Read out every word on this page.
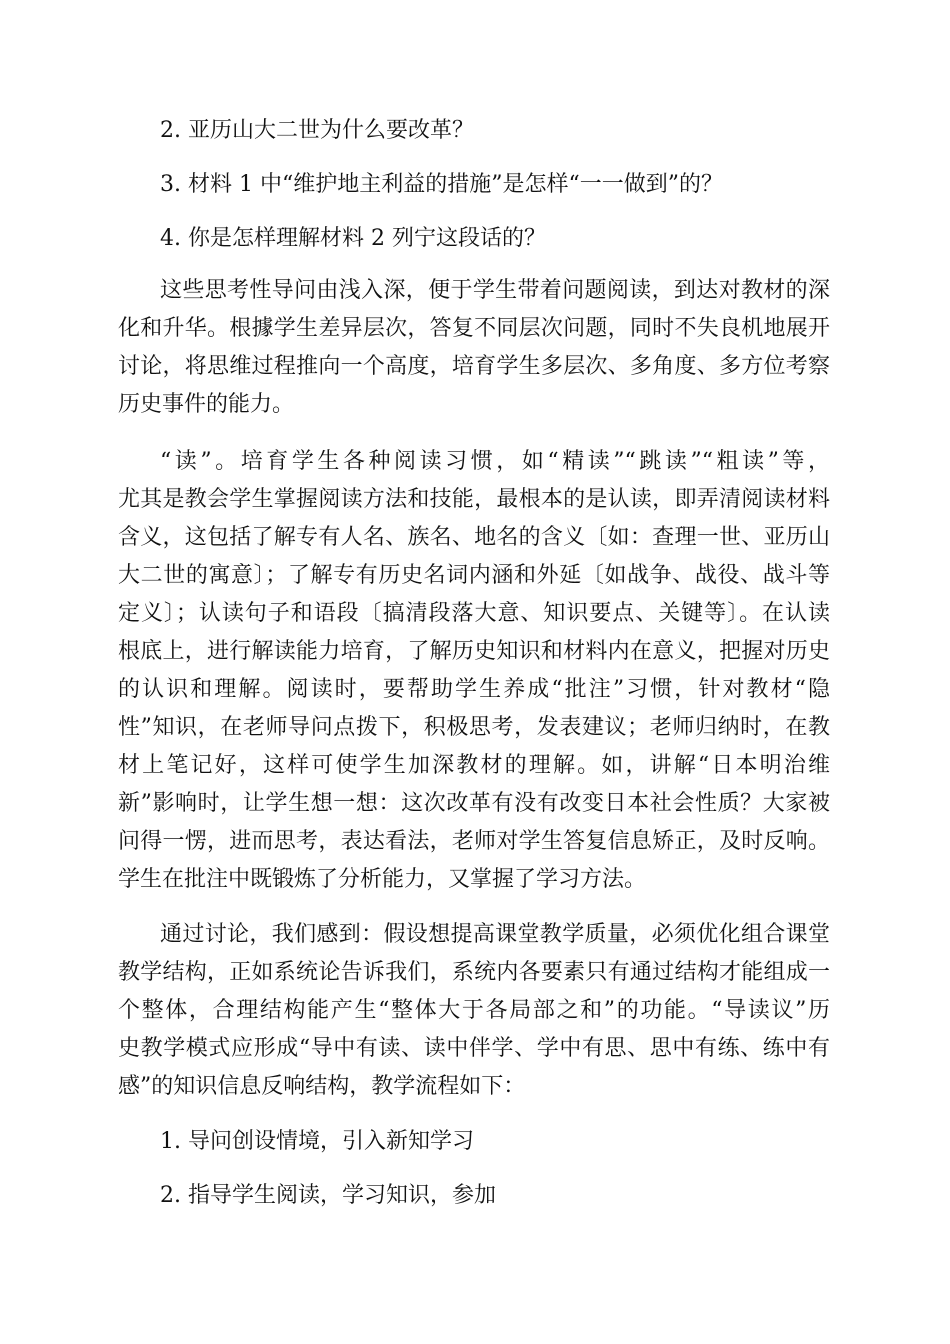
2. 亚历山大二世为什么要改革？

3. 材料 1 中“维护地主利益的措施”是怎样“一一做到”的？

4. 你是怎样理解材料 2 列宁这段话的？

这些思考性导问由浅入深，便于学生带着问题阅读，到达对教材的深

化和升华。根據学生差异层次，答复不同层次问题，同时不失良机地展开

讨论，将思维过程推向一个高度，培育学生多层次、多角度、多方位考察

历史事件的能力。

“读”。培育学生各种阅读习惯，如“精读”“跳读”“粗读”等，

尤其是教会学生掌握阅读方法和技能，最根本的是认读，即弄清阅读材料

含义，这包括了解专有人名、族名、地名的含义〔如：查理一世、亚历山

大二世的寓意〕；了解专有历史名词内涵和外延〔如战争、战役、战斗等

定义〕；认读句子和语段〔搞清段落大意、知识要点、关键等〕。在认读

根底上，进行解读能力培育，了解历史知识和材料内在意义，把握对历史

的认识和理解。阅读时，要帮助学生养成“批注”习惯，针对教材“隐

性”知识，在老师导问点拨下，积极思考，发表建议；老师归纳时，在教

材上笔记好，这样可使学生加深教材的理解。如，讲解“日本明治维

新”影响时，让学生想一想：这次改革有没有改变日本社会性质？大家被

问得一愣，进而思考，表达看法，老师对学生答复信息矫正，及时反响。

学生在批注中既锻炼了分析能力，又掌握了学习方法。

通过讨论，我们感到：假设想提高课堂教学质量，必须优化组合课堂

教学结构，正如系统论告诉我们，系统内各要素只有通过结构才能组成一

个整体，合理结构能产生“整体大于各局部之和”的功能。“导读议”历

史教学模式应形成“导中有读、读中伴学、学中有思、思中有练、练中有

感”的知识信息反响结构，教学流程如下：

1. 导问创设情境，引入新知学习

2. 指导学生阅读，学习知识，参加
